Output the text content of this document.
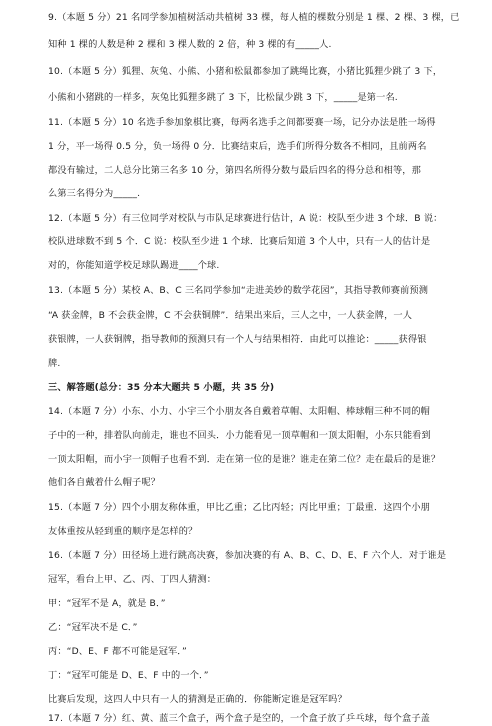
9.（本题 5 分）21 名同学参加植树活动共植树 33 棵，每人植的棵数分别是 1 棵、2 棵、3 棵，已
知种 1 棵的人数是种 2 棵和 3 棵人数的 2 倍，种 3 棵的有_____人.
10.（本题 5 分）狐狸、灰兔、小熊、小猪和松鼠都参加了跳绳比赛，小猪比狐狸少跳了 3 下，
小熊和小猪跳的一样多，灰兔比狐狸多跳了 3 下，比松鼠少跳 3 下，_____是第一名.
11.（本题 5 分）10 名选手参加象棋比赛，每两名选手之间都要赛一场，记分办法是胜一场得
1 分，平一场得 0.5 分，负一场得 0 分．比赛结束后，选手们所得分数各不相同，且前两名
都没有输过，二人总分比第三名多 10 分，第四名所得分数与最后四名的得分总和相等，那
么第三名得分为_____.
12.（本题 5 分）有三位同学对校队与市队足球赛进行估计，A 说：校队至少进 3 个球．B 说：
校队进球数不到 5 个．C 说：校队至少进 1 个球．比赛后知道 3 个人中，只有一人的估计是
对的，你能知道学校足球队踢进____个球.
13.（本题 5 分）某校 A、B、C 三名同学参加“走进美妙的数学花园”，其指导教师赛前预测
“A 获金牌，B 不会获金牌，C 不会获铜牌”．结果出来后，三人之中，一人获金牌，一人
获银牌，一人获铜牌，指导教师的预测只有一个人与结果相符．由此可以推论：_____获得银
牌.
三、解答题(总分：35 分本大题共 5 小题，共 35 分)
14.（本题 7 分）小东、小力、小宇三个小朋友各自戴着草帽、太阳帽、棒球帽三种不同的帽
子中的一种，排着队向前走，谁也不回头．小力能看见一顶草帽和一顶太阳帽，小东只能看到
一顶太阳帽，而小宇一顶帽子也看不到．走在第一位的是谁？谁走在第二位？走在最后的是谁？
他们各自戴着什么帽子呢？
15.（本题 7 分）四个小朋友称体重，甲比乙重；乙比丙轻；丙比甲重；丁最重．这四个小朋
友体重按从轻到重的顺序是怎样的？
16.（本题 7 分）田径场上进行跳高决赛，参加决赛的有 A、B、C、D、E、F 六个人．对于谁是
冠军，看台上甲、乙、丙、丁四人猜测：
甲：“冠军不是 A，就是 B．”
乙：“冠军决不是 C．”
丙：“D、E、F 都不可能是冠军．”
丁：“冠军可能是 D、E、F 中的一个．”
比赛后发现，这四人中只有一人的猜测是正确的．你能断定谁是冠军吗？
17.（本题 7 分）红、黄、蓝三个盒子，两个盒子是空的，一个盒子放了乒乓球，每个盒子盖
